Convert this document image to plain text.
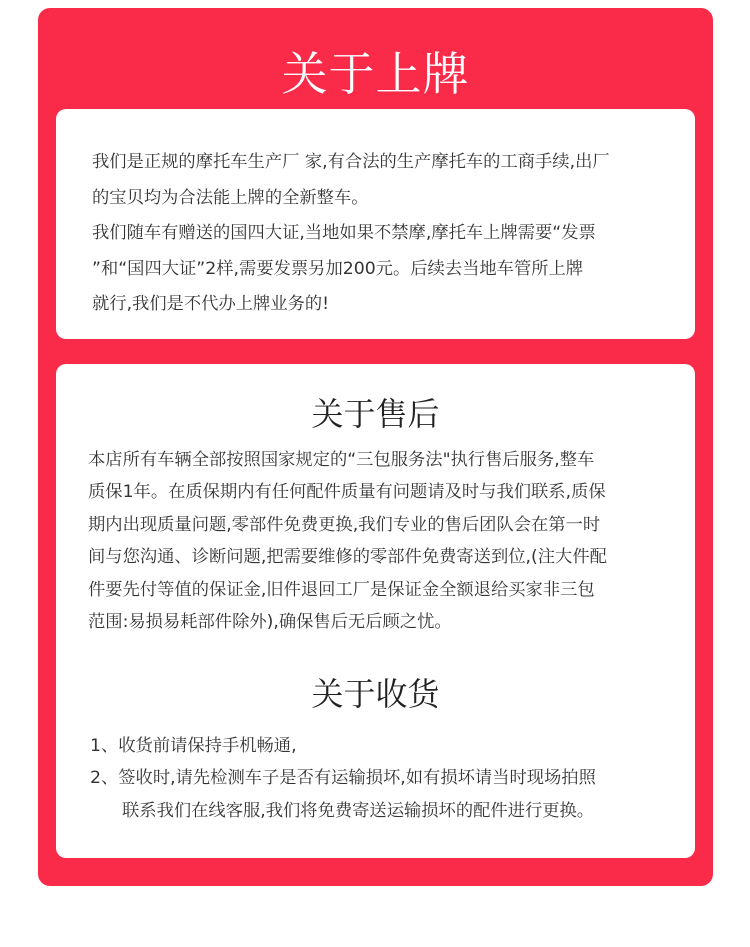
关于上牌

我们是正规的摩托车生产厂 家,有合法的生产摩托车的工商手续,出厂
的宝贝均为合法能上牌的全新整车。
我们随车有赠送的国四大证,当地如果不禁摩,摩托车上牌需要“发票
”和“国四大证”2样,需要发票另加200元。后续去当地车管所上牌
就行,我们是不代办上牌业务的!

关于售后

本店所有车辆全部按照国家规定的“三包服务法"执行售后服务,整车
质保1年。在质保期内有任何配件质量有问题请及时与我们联系,质保
期内出现质量问题,零部件免费更换,我们专业的售后团队会在第一时
间与您沟通、诊断问题,把需要维修的零部件免费寄送到位,(注大件配
件要先付等值的保证金,旧件退回工厂是保证金全额退给买家非三包
范围:易损易耗部件除外),确保售后无后顾之忧。

关于收货
1、收货前请保持手机畅通,
2、签收时,请先检测车子是否有运输损坏,如有损坏请当时现场拍照
联系我们在线客服,我们将免费寄送运输损坏的配件进行更换。
